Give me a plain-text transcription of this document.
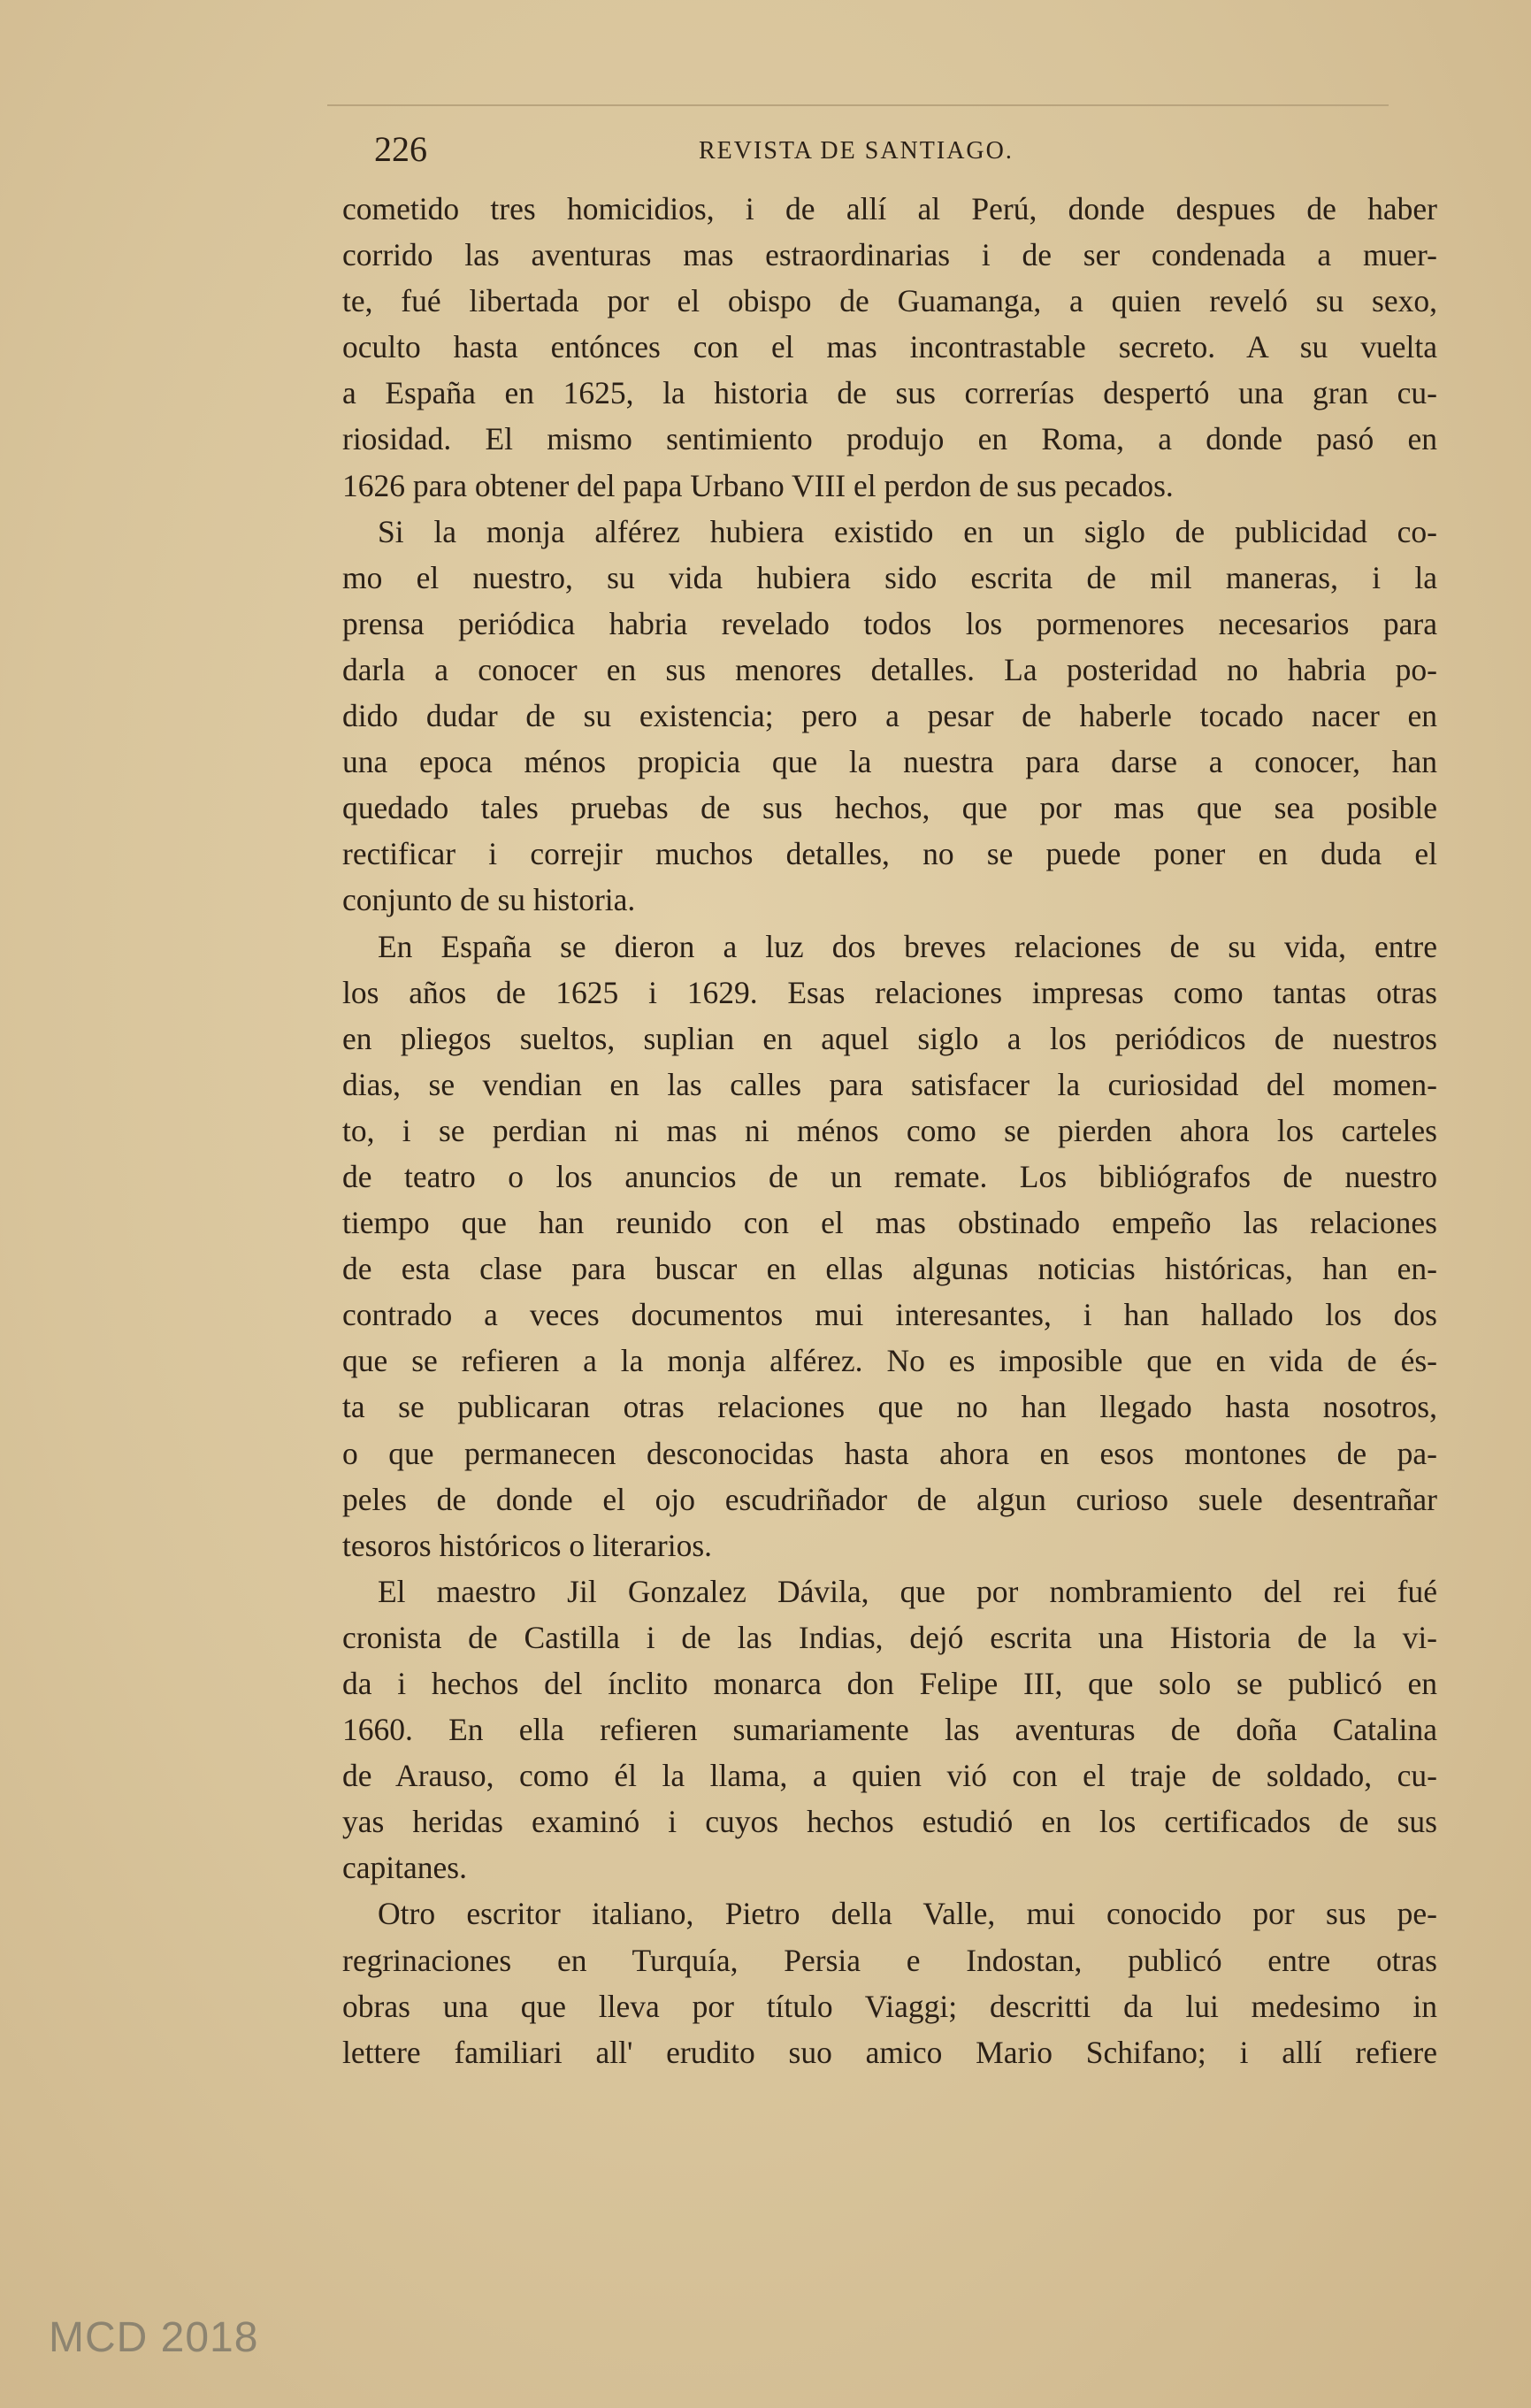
226	REVISTA DE SANTIAGO.
cometido tres homicidios, i de allí al Perú, donde despues de haber
corrido las aventuras mas estraordinarias i de ser condenada a muer-
te, fué libertada por el obispo de Guamanga, a quien reveló su sexo,
oculto hasta entónces con el mas incontrastable secreto. A su vuelta
a España en 1625, la historia de sus correrías despertó una gran cu-
riosidad. El mismo sentimiento produjo en Roma, a donde pasó en
1626 para obtener del papa Urbano VIII el perdon de sus pecados.
Si la monja alférez hubiera existido en un siglo de publicidad co-
mo el nuestro, su vida hubiera sido escrita de mil maneras, i la
prensa periódica habria revelado todos los pormenores necesarios para
darla a conocer en sus menores detalles. La posteridad no habria po-
dido dudar de su existencia; pero a pesar de haberle tocado nacer en
una epoca ménos propicia que la nuestra para darse a conocer, han
quedado tales pruebas de sus hechos, que por mas que sea posible
rectificar i correjir muchos detalles, no se puede poner en duda el
conjunto de su historia.
En España se dieron a luz dos breves relaciones de su vida, entre
los años de 1625 i 1629. Esas relaciones impresas como tantas otras
en pliegos sueltos, suplian en aquel siglo a los periódicos de nuestros
dias, se vendian en las calles para satisfacer la curiosidad del momen-
to, i se perdian ni mas ni ménos como se pierden ahora los carteles
de teatro o los anuncios de un remate. Los bibliógrafos de nuestro
tiempo que han reunido con el mas obstinado empeño las relaciones
de esta clase para buscar en ellas algunas noticias históricas, han en-
contrado a veces documentos mui interesantes, i han hallado los dos
que se refieren a la monja alférez. No es imposible que en vida de és-
ta se publicaran otras relaciones que no han llegado hasta nosotros,
o que permanecen desconocidas hasta ahora en esos montones de pa-
peles de donde el ojo escudriñador de algun curioso suele desentrañar
tesoros históricos o literarios.
El maestro Jil Gonzalez Dávila, que por nombramiento del rei fué
cronista de Castilla i de las Indias, dejó escrita una Historia de la vi-
da i hechos del ínclito monarca don Felipe III, que solo se publicó en
1660. En ella refieren sumariamente las aventuras de doña Catalina
de Arauso, como él la llama, a quien vió con el traje de soldado, cu-
yas heridas examinó i cuyos hechos estudió en los certificados de sus
capitanes.
Otro escritor italiano, Pietro della Valle, mui conocido por sus pe-
regrinaciones en Turquía, Persia e Indostan, publicó entre otras
obras una que lleva por título Viaggi; descritti da lui medesimo in
lettere familiari all' erudito suo amico Mario Schifano; i allí refiere
MCD 2018
